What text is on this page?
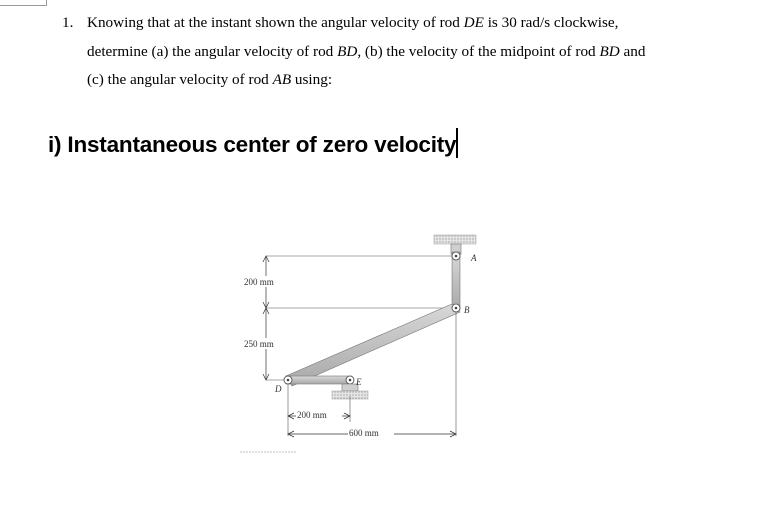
1. Knowing that at the instant shown the angular velocity of rod DE is 30 rad/s clockwise,
determine (a) the angular velocity of rod BD, (b) the velocity of the midpoint of rod BD and
(c) the angular velocity of rod AB using:
i) Instantaneous center of zero velocity
200 mm
250 mm
A
B
D
E
200 mm
600 mm
